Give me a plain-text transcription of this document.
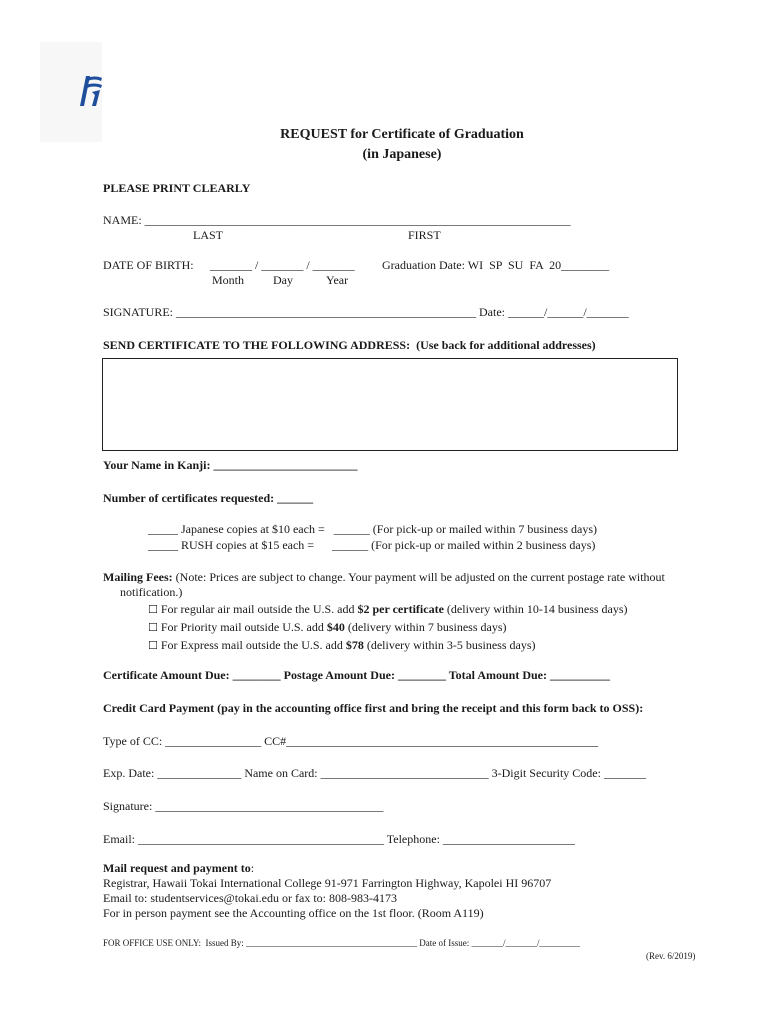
REQUEST for Certificate of Graduation
(in Japanese)
PLEASE PRINT CLEARLY
NAME: _______________________________________________________________________
LAST	FIRST
DATE OF BIRTH: _______ / _______ / _______ Graduation Date: WI  SP  SU  FA  20________
Month Day	Year
SIGNATURE: __________________________________________________ Date: ______/______/_______
SEND CERTIFICATE TO THE FOLLOWING ADDRESS:  (Use back for additional addresses)
Your Name in Kanji: ________________________
Number of certificates requested: ______
_____ Japanese copies at $10 each =   ______ (For pick-up or mailed within 7 business days)
_____ RUSH copies at $15 each =      ______ (For pick-up or mailed within 2 business days)
Mailing Fees: (Note: Prices are subject to change. Your payment will be adjusted on the current postage rate without
notification.)
☐ For regular air mail outside the U.S. add $2 per certificate (delivery within 10-14 business days)
☐ For Priority mail outside U.S. add $40 (delivery within 7 business days)
☐ For Express mail outside the U.S. add $78 (delivery within 3-5 business days)
Certificate Amount Due: ________ Postage Amount Due: ________ Total Amount Due: __________
Credit Card Payment (pay in the accounting office first and bring the receipt and this form back to OSS):
Type of CC: ________________ CC#____________________________________________________
Exp. Date: ______________ Name on Card: ____________________________ 3-Digit Security Code: _______
Signature: ______________________________________
Email: _________________________________________ Telephone: ______________________
Mail request and payment to:
Registrar, Hawaii Tokai International College 91-971 Farrington Highway, Kapolei HI 96707
Email to: studentservices@tokai.edu or fax to: 808-983-4173
For in person payment see the Accounting office on the 1st floor. (Room A119)
FOR OFFICE USE ONLY:  Issued By: ______________________________________ Date of Issue: _______/_______/_________
(Rev. 6/2019)
